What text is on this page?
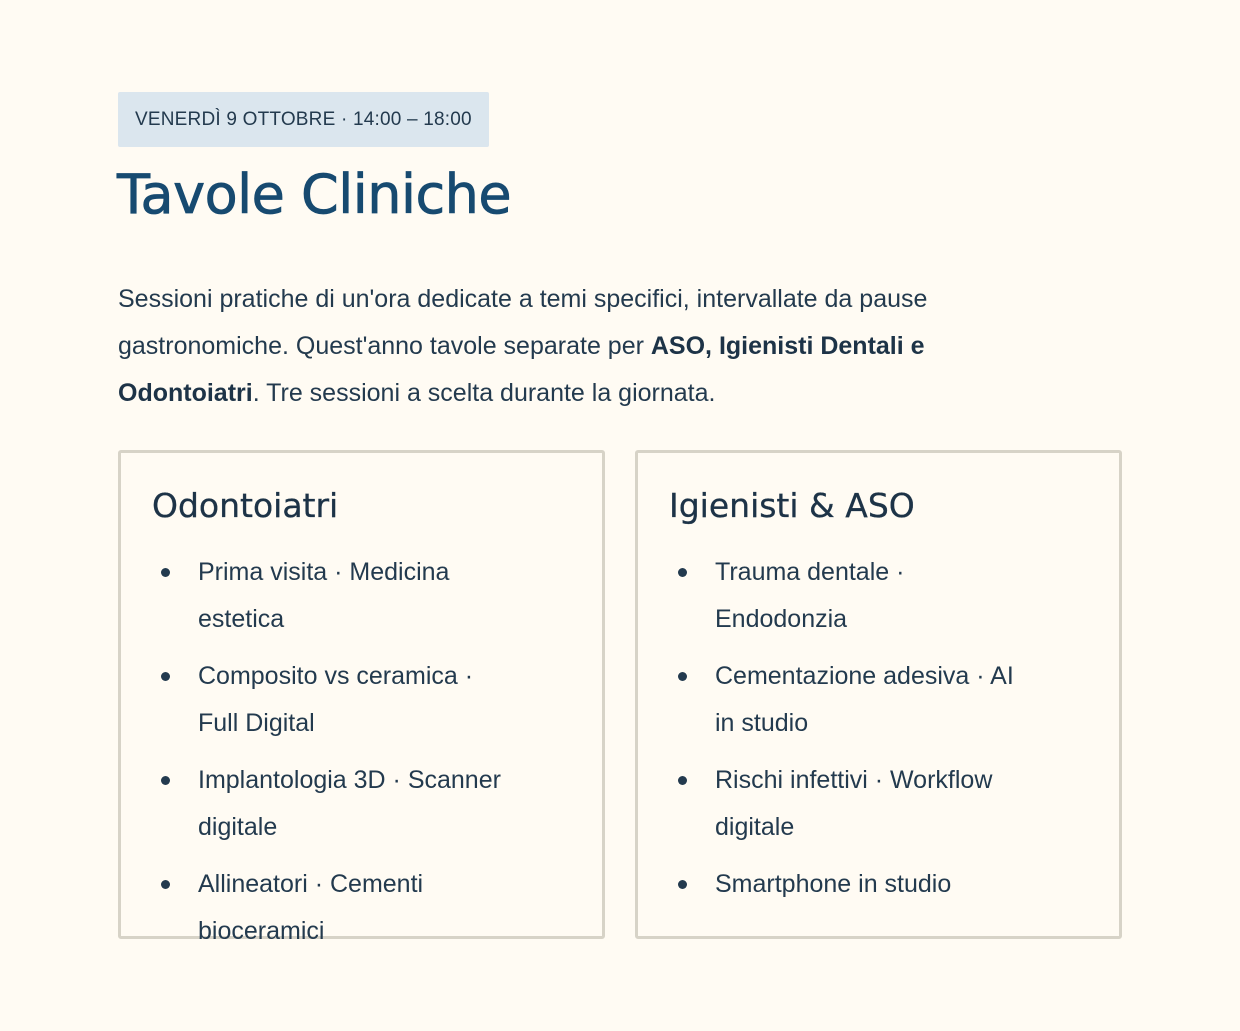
VENERDÌ 9 OTTOBRE · 14:00 – 18:00
Tavole Cliniche

Sessioni pratiche di un'ora dedicate a temi specifici, intervallate da pause gastronomiche. Quest'anno tavole separate per ASO, Igienisti Dentali e Odontoiatri. Tre sessioni a scelta durante la giornata.

Odontoiatri
Prima visita · Medicina estetica
Composito vs ceramica · Full Digital
Implantologia 3D · Scanner digitale
Allineatori · Cementi bioceramici
Igienisti & ASO
Trauma dentale · Endodonzia
Cementazione adesiva · AI in studio
Rischi infettivi · Workflow digitale
Smartphone in studio
